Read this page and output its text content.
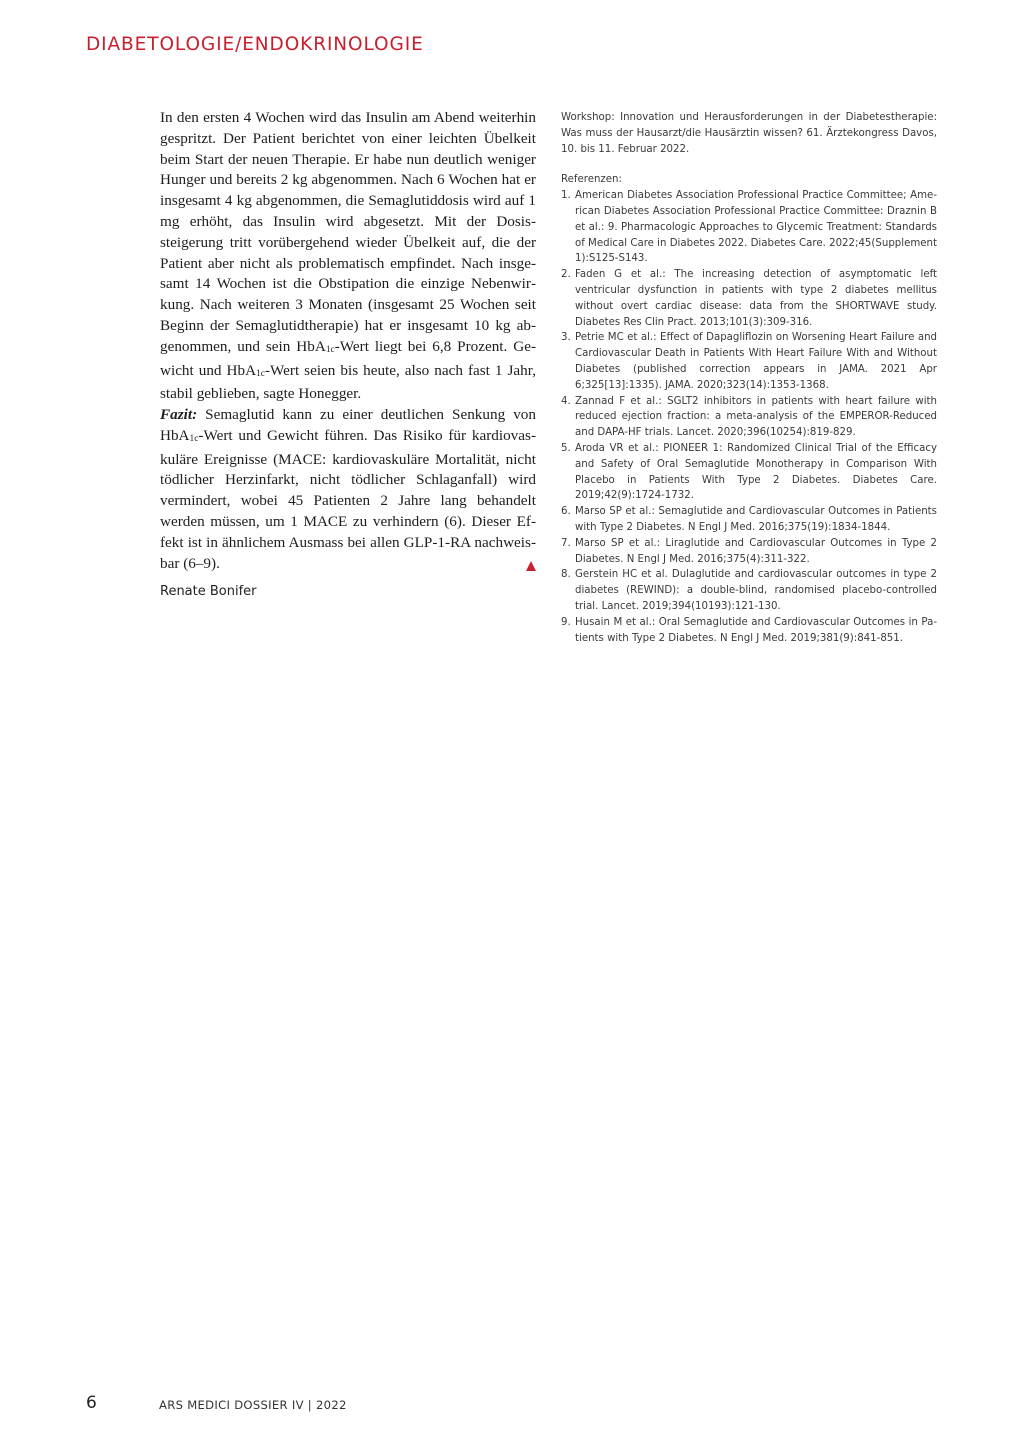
DIABETOLOGIE/ENDOKRINOLOGIE

In den ersten 4 Wochen wird das Insulin am Abend weiterhin gespritzt. Der Patient berichtet von einer leichten Übelkeit beim Start der neuen Therapie. Er habe nun deutlich weniger Hunger und bereits 2 kg abgenommen. Nach 6 Wochen hat er insgesamt 4 kg abgenommen, die Semaglutiddosis wird auf 1 mg erhöht, das Insulin wird abgesetzt. Mit der Dosissteigerung tritt vorübergehend wieder Übelkeit auf, die der Patient aber nicht als problematisch empfindet. Nach insgesamt 14 Wochen ist die Obstipation die einzige Nebenwirkung. Nach weiteren 3 Monaten (insgesamt 25 Wochen seit Beginn der Semaglutidtherapie) hat er insgesamt 10 kg abgenommen, und sein HbA1c-Wert liegt bei 6,8 Prozent. Gewicht und HbA1c-Wert seien bis heute, also nach fast 1 Jahr, stabil geblieben, sagte Honegger.

Fazit: Semaglutid kann zu einer deutlichen Senkung von HbA1c-Wert und Gewicht führen. Das Risiko für kardiovaskuläre Ereignisse (MACE: kardiovaskuläre Mortalität, nicht tödlicher Herzinfarkt, nicht tödlicher Schlaganfall) wird vermindert, wobei 45 Patienten 2 Jahre lang behandelt werden müssen, um 1 MACE zu verhindern (6). Dieser Effekt ist in ähnlichem Ausmass bei allen GLP-1-RA nachweisbar (6–9).

Renate Bonifer

Workshop: Innovation und Herausforderungen in der Diabetestherapie: Was muss der Hausarzt/die Hausärztin wissen? 61. Ärztekongress Davos, 10. bis 11. Februar 2022.

Referenzen:

1. American Diabetes Association Professional Practice Committee; American Diabetes Association Professional Practice Committee: Draznin B et al.: 9. Pharmacologic Approaches to Glycemic Treatment: Standards of Medical Care in Diabetes 2022. Diabetes Care. 2022;45(Supplement 1):S125-S143.
2. Faden G et al.: The increasing detection of asymptomatic left ventricular dysfunction in patients with type 2 diabetes mellitus without overt cardiac disease: data from the SHORTWAVE study. Diabetes Res Clin Pract. 2013;101(3):309-316.
3. Petrie MC et al.: Effect of Dapagliflozin on Worsening Heart Failure and Cardiovascular Death in Patients With Heart Failure With and Without Diabetes (published correction appears in JAMA. 2021 Apr 6;325[13]:1335). JAMA. 2020;323(14):1353-1368.
4. Zannad F et al.: SGLT2 inhibitors in patients with heart failure with reduced ejection fraction: a meta-analysis of the EMPEROR-Reduced and DAPA-HF trials. Lancet. 2020;396(10254):819-829.
5. Aroda VR et al.: PIONEER 1: Randomized Clinical Trial of the Efficacy and Safety of Oral Semaglutide Monotherapy in Comparison With Placebo in Patients With Type 2 Diabetes. Diabetes Care. 2019;42(9):1724-1732.
6. Marso SP et al.: Semaglutide and Cardiovascular Outcomes in Patients with Type 2 Diabetes. N Engl J Med. 2016;375(19):1834-1844.
7. Marso SP et al.: Liraglutide and Cardiovascular Outcomes in Type 2 Diabetes. N Engl J Med. 2016;375(4):311-322.
8. Gerstein HC et al. Dulaglutide and cardiovascular outcomes in type 2 diabetes (REWIND): a double-blind, randomised placebo-controlled trial. Lancet. 2019;394(10193):121-130.
9. Husain M et al.: Oral Semaglutide and Cardiovascular Outcomes in Patients with Type 2 Diabetes. N Engl J Med. 2019;381(9):841-851.
6	ARS MEDICI DOSSIER IV | 2022
